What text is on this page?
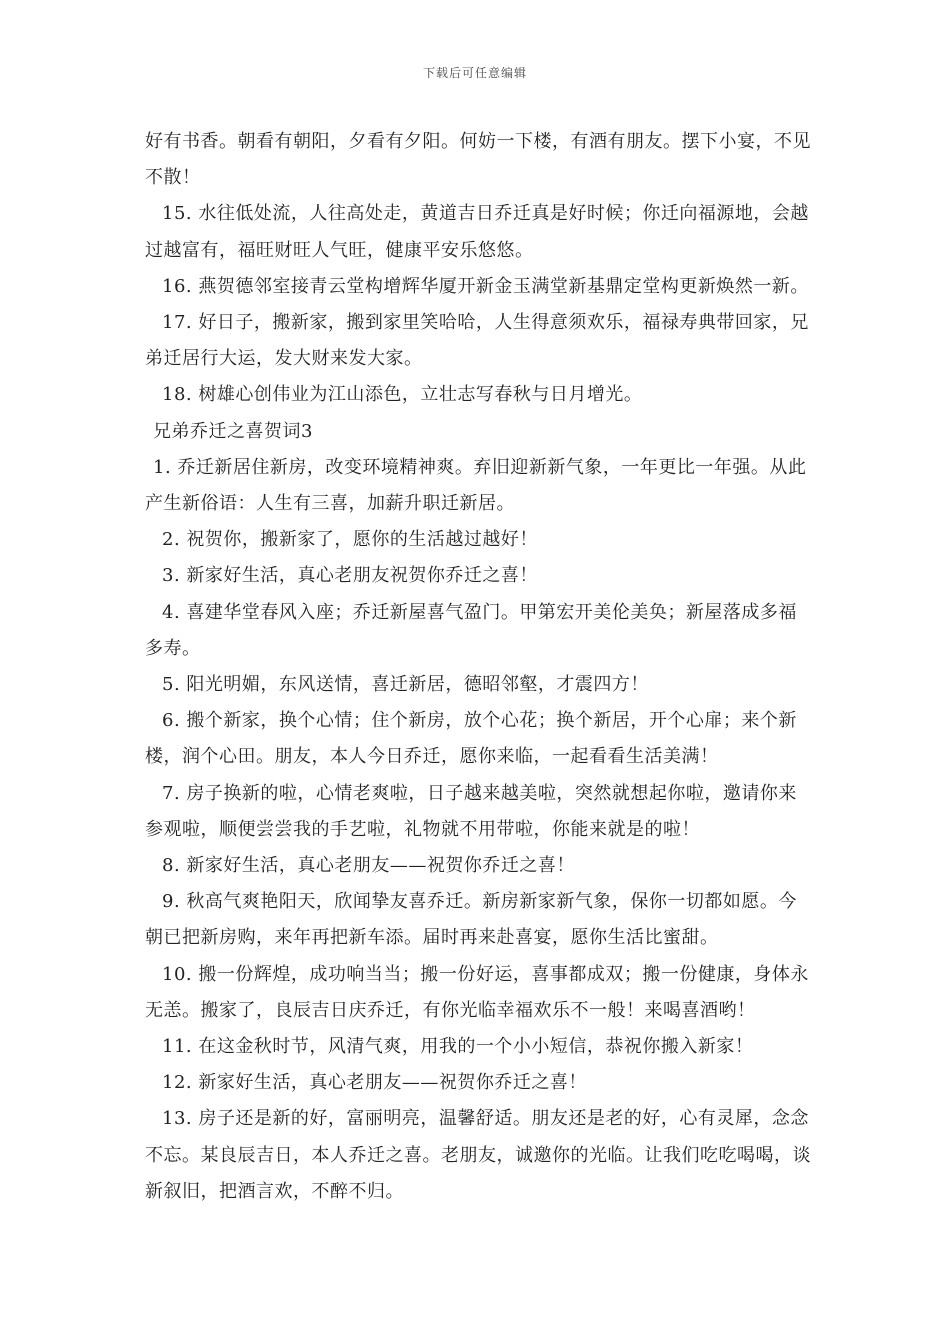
下载后可任意编辑

好有书香。朝看有朝阳，夕看有夕阳。何妨一下楼，有酒有朋友。摆下小宴，不见不散！

15. 水往低处流，人往高处走，黄道吉日乔迁真是好时候；你迁向福源地，会越过越富有，福旺财旺人气旺，健康平安乐悠悠。

16. 燕贺德邻室接青云堂构增辉华厦开新金玉满堂新基鼎定堂构更新焕然一新。

17. 好日子，搬新家，搬到家里笑哈哈，人生得意须欢乐，福禄寿典带回家，兄弟迁居行大运，发大财来发大家。

18. 树雄心创伟业为江山添色，立壮志写春秋与日月增光。

兄弟乔迁之喜贺词3

1. 乔迁新居住新房，改变环境精神爽。弃旧迎新新气象，一年更比一年强。从此产生新俗语：人生有三喜，加薪升职迁新居。

2. 祝贺你，搬新家了，愿你的生活越过越好！

3. 新家好生活，真心老朋友祝贺你乔迁之喜！

4. 喜建华堂春风入座；乔迁新屋喜气盈门。甲第宏开美伦美奂；新屋落成多福多寿。

5. 阳光明媚，东风送情，喜迁新居，德昭邻壑，才震四方！

6. 搬个新家，换个心情；住个新房，放个心花；换个新居，开个心扉；来个新楼，润个心田。朋友，本人今日乔迁，愿你来临，一起看看生活美满！

7. 房子换新的啦，心情老爽啦，日子越来越美啦，突然就想起你啦，邀请你来参观啦，顺便尝尝我的手艺啦，礼物就不用带啦，你能来就是的啦！

8. 新家好生活，真心老朋友——祝贺你乔迁之喜！

9. 秋高气爽艳阳天，欣闻挚友喜乔迁。新房新家新气象，保你一切都如愿。今朝已把新房购，来年再把新车添。届时再来赴喜宴，愿你生活比蜜甜。

10. 搬一份辉煌，成功响当当；搬一份好运，喜事都成双；搬一份健康，身体永无恙。搬家了，良辰吉日庆乔迁，有你光临幸福欢乐不一般！来喝喜酒哟！

11. 在这金秋时节，风清气爽，用我的一个小小短信，恭祝你搬入新家！

12. 新家好生活，真心老朋友——祝贺你乔迁之喜！

13. 房子还是新的好，富丽明亮，温馨舒适。朋友还是老的好，心有灵犀，念念不忘。某良辰吉日，本人乔迁之喜。老朋友，诚邀你的光临。让我们吃吃喝喝，谈新叙旧，把酒言欢，不醉不归。
